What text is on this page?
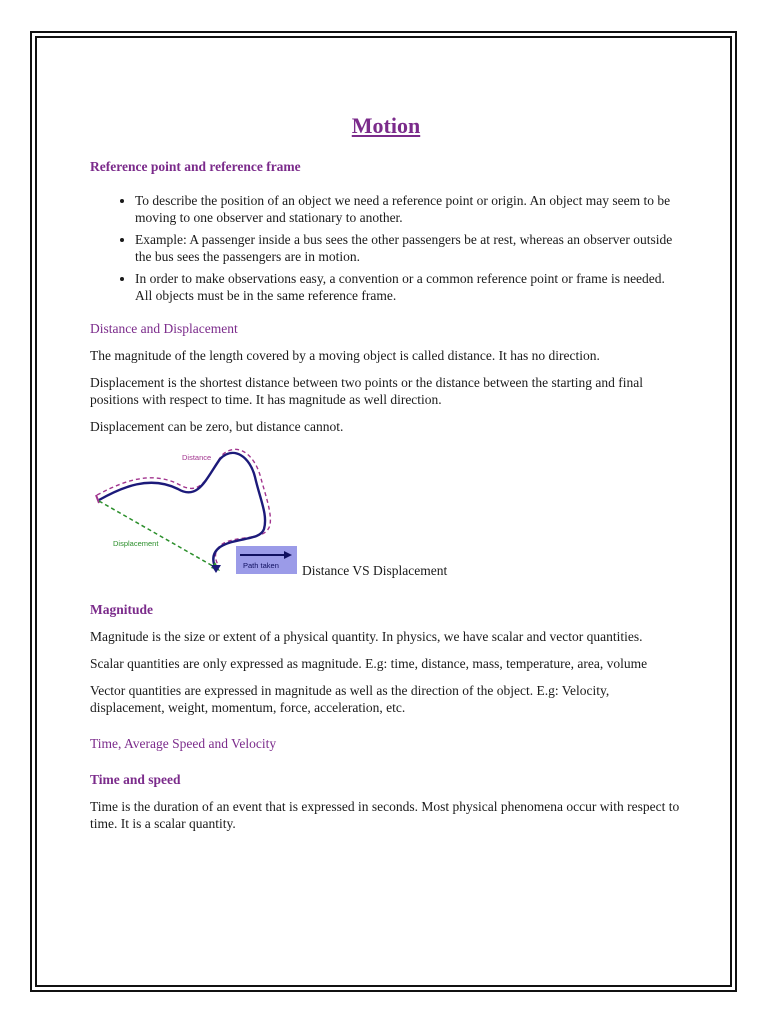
Motion
Reference point and reference frame
• To describe the position of an object we need a reference point or origin. An object may seem to be moving to one observer and stationary to another.
• Example: A passenger inside a bus sees the other passengers be at rest, whereas an observer outside the bus sees the passengers are in motion.
• In order to make observations easy, a convention or a common reference point or frame is needed. All objects must be in the same reference frame.
Distance and Displacement

The magnitude of the length covered by a moving object is called distance. It has no direction.

Displacement is the shortest distance between two points or the distance between the starting and final positions with respect to time. It has magnitude as well direction.

Displacement can be zero, but distance cannot.

Distance
Displacement
Path taken Distance VS Displacement
Magnitude

Magnitude is the size or extent of a physical quantity. In physics, we have scalar and vector quantities.

Scalar quantities are only expressed as magnitude. E.g: time, distance, mass, temperature, area, volume

Vector quantities are expressed in magnitude as well as the direction of the object. E.g: Velocity, displacement, weight, momentum, force, acceleration, etc.

Time, Average Speed and Velocity
Time and speed

Time is the duration of an event that is expressed in seconds. Most physical phenomena occur with respect to time. It is a scalar quantity.
